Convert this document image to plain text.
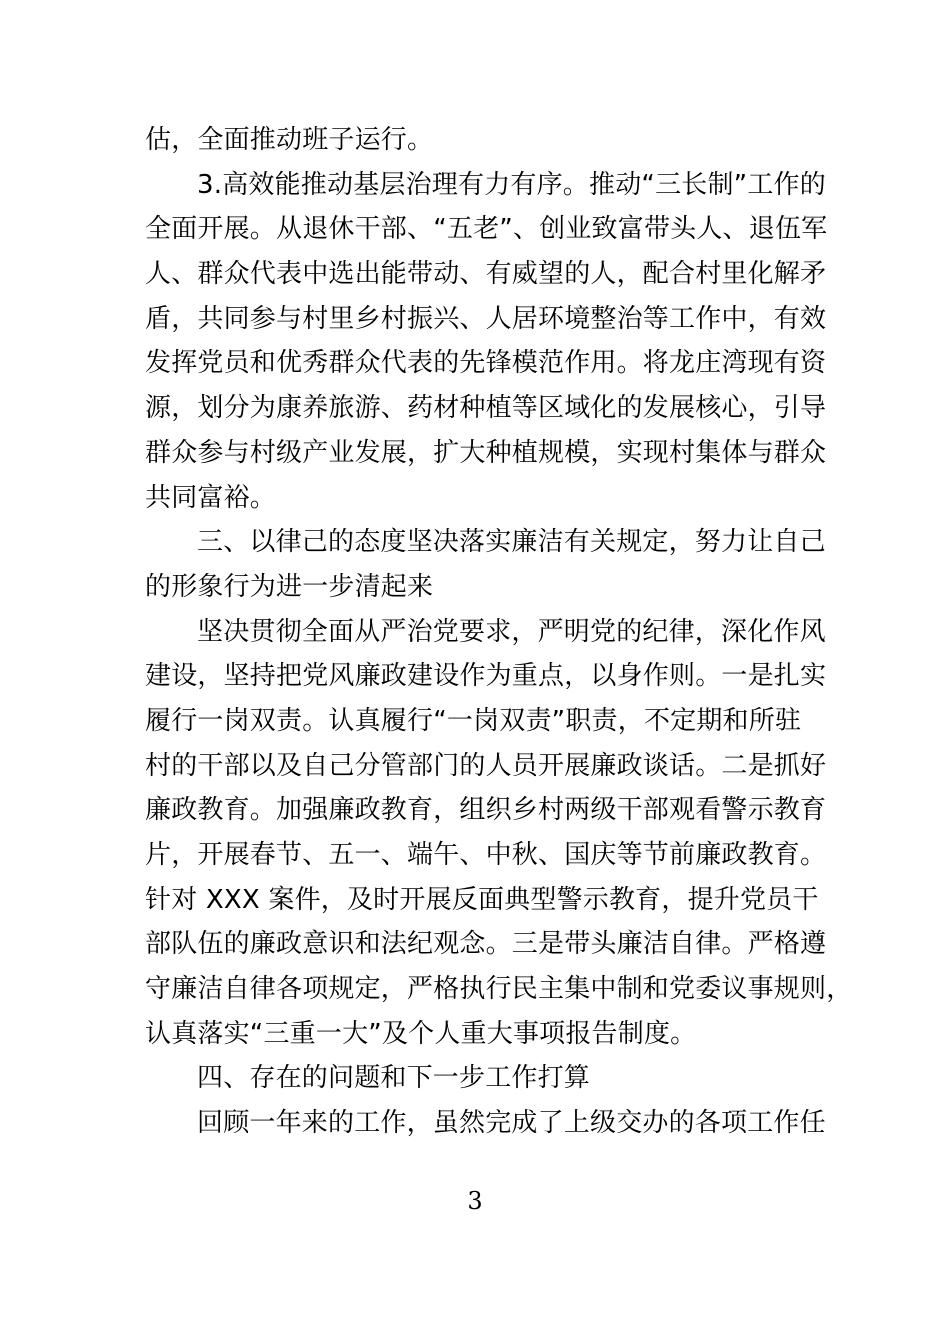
估，全面推动班子运行。
3.高效能推动基层治理有力有序。推动“三长制”工作的
全面开展。从退休干部、“五老”、创业致富带头人、退伍军
人、群众代表中选出能带动、有威望的人，配合村里化解矛
盾，共同参与村里乡村振兴、人居环境整治等工作中，有效
发挥党员和优秀群众代表的先锋模范作用。将龙庄湾现有资
源，划分为康养旅游、药材种植等区域化的发展核心，引导
群众参与村级产业发展，扩大种植规模，实现村集体与群众
共同富裕。
三、以律己的态度坚决落实廉洁有关规定，努力让自己
的形象行为进一步清起来
坚决贯彻全面从严治党要求，严明党的纪律，深化作风
建设，坚持把党风廉政建设作为重点，以身作则。一是扎实
履行一岗双责。认真履行“一岗双责”职责，不定期和所驻
村的干部以及自己分管部门的人员开展廉政谈话。二是抓好
廉政教育。加强廉政教育，组织乡村两级干部观看警示教育
片，开展春节、五一、端午、中秋、国庆等节前廉政教育。
针对 XXX 案件，及时开展反面典型警示教育，提升党员干
部队伍的廉政意识和法纪观念。三是带头廉洁自律。严格遵
守廉洁自律各项规定，严格执行民主集中制和党委议事规则，
认真落实“三重一大”及个人重大事项报告制度。
四、存在的问题和下一步工作打算
回顾一年来的工作，虽然完成了上级交办的各项工作任
3
